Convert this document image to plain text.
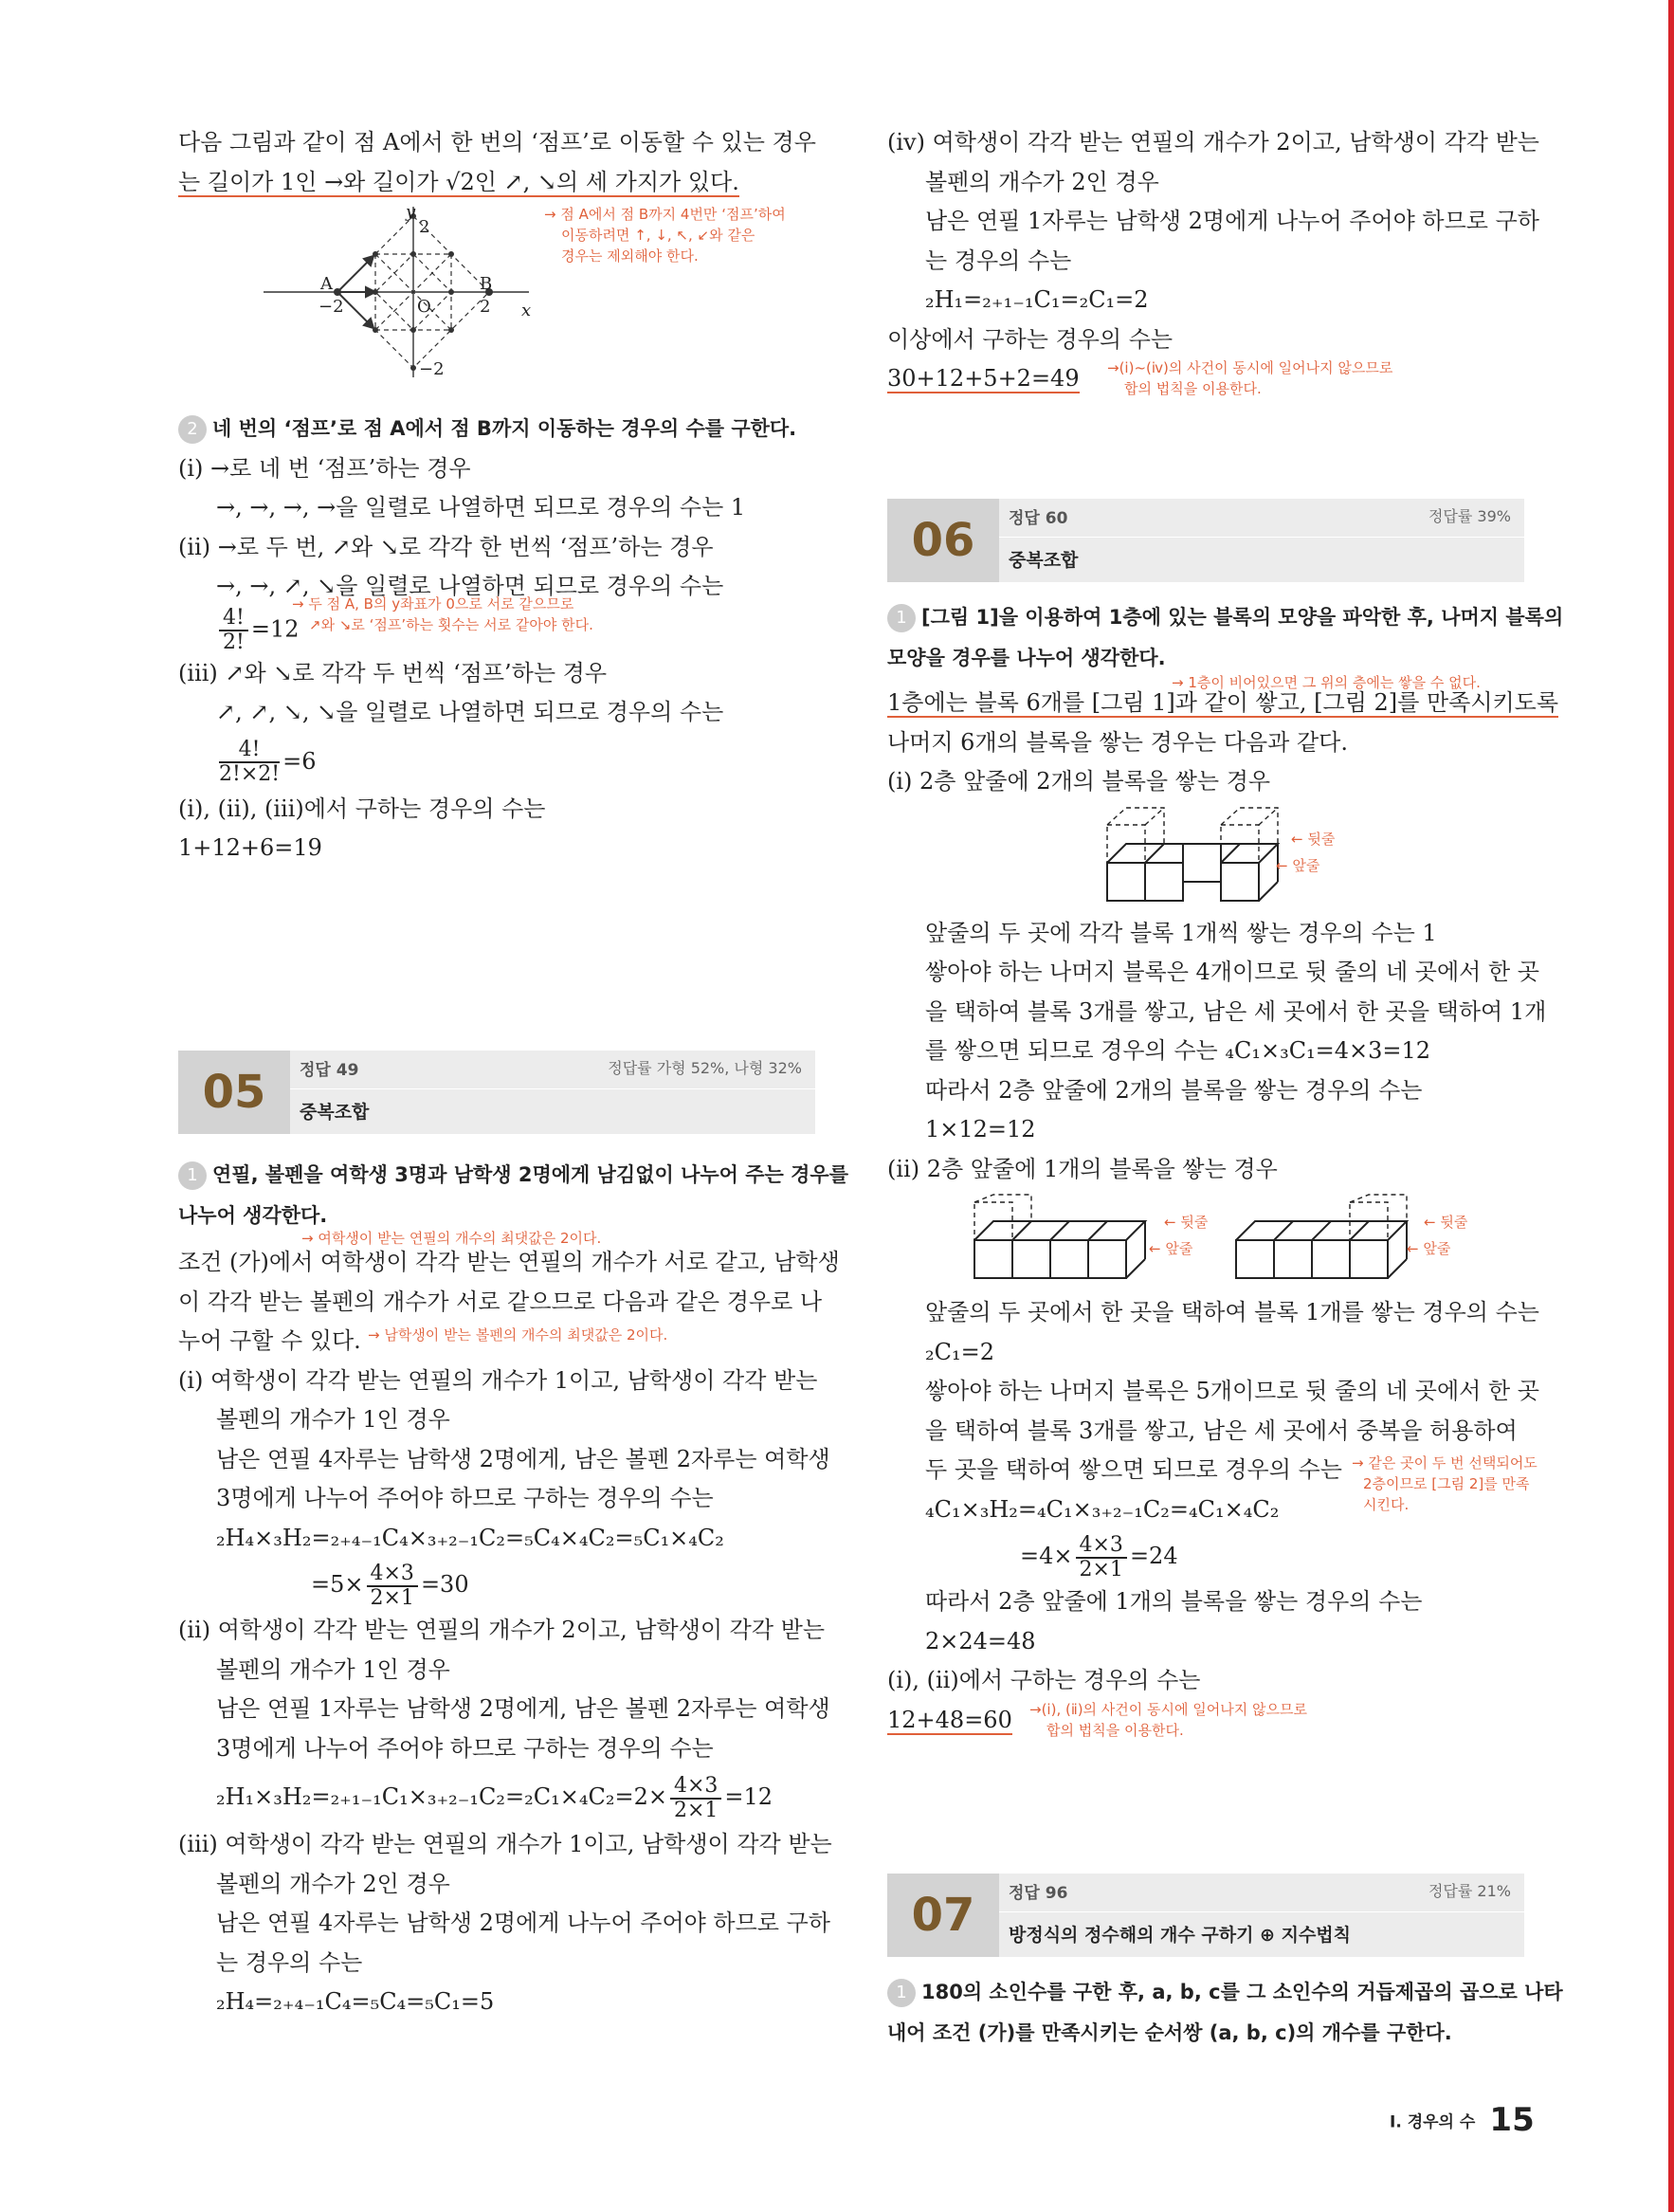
다음 그림과 같이 점 A에서 한 번의 ‘점프’로 이동할 수 있는 경우
는 길이가 1인 →와 길이가 √2인 ↗, ↘의 세 가지가 있다.
y
2
x
A	B
−2	O	2
−2
→ 점 A에서 점 B까지 4번만 ‘점프’하여
이동하려면 ↑, ↓, ↖, ↙와 같은
경우는 제외해야 한다.
2 네 번의 ‘점프’로 점 A에서 점 B까지 이동하는 경우의 수를 구한다.
(ⅰ) →로 네 번 ‘점프’하는 경우
→, →, →, →을 일렬로 나열하면 되므로 경우의 수는 1
(ⅱ) →로 두 번, ↗와 ↘로 각각 한 번씩 ‘점프’하는 경우
→, →, ↗, ↘을 일렬로 나열하면 되므로 경우의 수는
$\frac{4!}{2!} =12$
→ 두 점 A, B의 y좌표가 0으로 서로 같으므로
↗와 ↘로 ‘점프’하는 횟수는 서로 같아야 한다.
(ⅲ) ↗와 ↘로 각각 두 번씩 ‘점프’하는 경우
↗, ↗, ↘, ↘을 일렬로 나열하면 되므로 경우의 수는
$\frac{4!}{2!\times 2!} =6$
(ⅰ), (ⅱ), (ⅲ)에서 구하는 경우의 수는
1+12+6=19
05	정답 49	정답률 가형 52%, 나형 32%
중복조합
1 연필, 볼펜을 여학생 3명과 남학생 2명에게 남김없이 나누어 주는 경우를
나누어 생각한다.
→ 여학생이 받는 연필의 개수의 최댓값은 2이다.
조건 (가)에서 여학생이 각각 받는 연필의 개수가 서로 같고, 남학생
이 각각 받는 볼펜의 개수가 서로 같으므로 다음과 같은 경우로 나
누어 구할 수 있다. → 남학생이 받는 볼펜의 개수의 최댓값은 2이다.
(ⅰ) 여학생이 각각 받는 연필의 개수가 1이고, 남학생이 각각 받는
볼펜의 개수가 1인 경우
남은 연필 4자루는 남학생 2명에게, 남은 볼펜 2자루는 여학생
3명에게 나누어 주어야 하므로 구하는 경우의 수는
₂H₄×₃H₂=₂₊₄₋₁C₄×₃₊₂₋₁C₂=₅C₄×₄C₂=₅C₁×₄C₂
$=5\times \frac{4\times 3}{2\times 1} =30$
(ⅱ) 여학생이 각각 받는 연필의 개수가 2이고, 남학생이 각각 받는
볼펜의 개수가 1인 경우
남은 연필 1자루는 남학생 2명에게, 남은 볼펜 2자루는 여학생
3명에게 나누어 주어야 하므로 구하는 경우의 수는
$_2H_1\times_3H_2=_{2+1-1}C_1\times_{3+2-1}C_2=_2C_1\times_4C_2=2\times \frac{4\times 3}{2\times 1} =12$
(ⅲ) 여학생이 각각 받는 연필의 개수가 1이고, 남학생이 각각 받는
볼펜의 개수가 2인 경우
남은 연필 4자루는 남학생 2명에게 나누어 주어야 하므로 구하
는 경우의 수는
₂H₄=₂₊₄₋₁C₄=₅C₄=₅C₁=5
(ⅳ) 여학생이 각각 받는 연필의 개수가 2이고, 남학생이 각각 받는
볼펜의 개수가 2인 경우
남은 연필 1자루는 남학생 2명에게 나누어 주어야 하므로 구하
는 경우의 수는
₂H₁=₂₊₁₋₁C₁=₂C₁=2
이상에서 구하는 경우의 수는
30+12+5+2=49	→(ⅰ)~(ⅳ)의 사건이 동시에 일어나지 않으므로
합의 법칙을 이용한다.
06	정답 60	정답률 39%
중복조합
1 [그림 1]을 이용하여 1층에 있는 블록의 모양을 파악한 후, 나머지 블록의
모양을 경우를 나누어 생각한다.
→ 1층이 비어있으면 그 위의 층에는 쌓을 수 없다.
1층에는 블록 6개를 [그림 1]과 같이 쌓고, [그림 2]를 만족시키도록
나머지 6개의 블록을 쌓는 경우는 다음과 같다.
(ⅰ) 2층 앞줄에 2개의 블록을 쌓는 경우
← 뒷줄
← 앞줄
앞줄의 두 곳에 각각 블록 1개씩 쌓는 경우의 수는 1
쌓아야 하는 나머지 블록은 4개이므로 뒷 줄의 네 곳에서 한 곳
을 택하여 블록 3개를 쌓고, 남은 세 곳에서 한 곳을 택하여 1개
를 쌓으면 되므로 경우의 수는 ₄C₁×₃C₁=4×3=12
따라서 2층 앞줄에 2개의 블록을 쌓는 경우의 수는
1×12=12
(ⅱ) 2층 앞줄에 1개의 블록을 쌓는 경우
← 뒷줄
← 앞줄
← 뒷줄
← 앞줄
앞줄의 두 곳에서 한 곳을 택하여 블록 1개를 쌓는 경우의 수는
₂C₁=2
쌓아야 하는 나머지 블록은 5개이므로 뒷 줄의 네 곳에서 한 곳
을 택하여 블록 3개를 쌓고, 남은 세 곳에서 중복을 허용하여
두 곳을 택하여 쌓으면 되므로 경우의 수는
₄C₁×₃H₂=₄C₁×₃₊₂₋₁C₂=₄C₁×₄C₂
→ 같은 곳이 두 번 선택되어도
2층이므로 [그림 2]를 만족
시킨다.
$=4\times \frac{4\times 3}{2\times 1} =24$
따라서 2층 앞줄에 1개의 블록을 쌓는 경우의 수는
2×24=48
(ⅰ), (ⅱ)에서 구하는 경우의 수는
12+48=60	→(ⅰ), (ⅱ)의 사건이 동시에 일어나지 않으므로
합의 법칙을 이용한다.
07	정답 96	정답률 21%
방정식의 정수해의 개수 구하기 ⊕ 지수법칙
1 180의 소인수를 구한 후, a, b, c를 그 소인수의 거듭제곱의 곱으로 나타
내어 조건 (가)를 만족시키는 순서쌍 (a, b, c)의 개수를 구한다.
Ⅰ. 경우의 수 15
